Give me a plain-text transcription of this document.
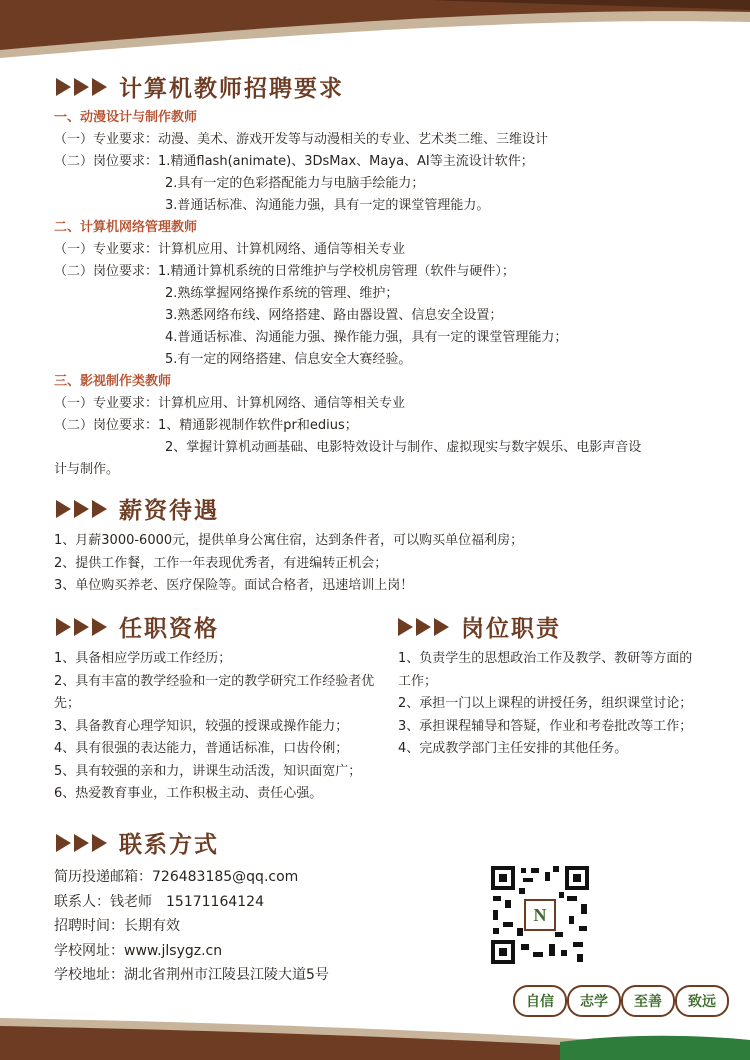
计算机教师招聘要求
一、动漫设计与制作教师
（一）专业要求：动漫、美术、游戏开发等与动漫相关的专业、艺术类二维、三维设计
（二）岗位要求：1.精通flash(animate)、3DsMax、Maya、AI等主流设计软件；
2.具有一定的色彩搭配能力与电脑手绘能力；
3.普通话标准、沟通能力强，具有一定的课堂管理能力。
二、计算机网络管理教师
（一）专业要求：计算机应用、计算机网络、通信等相关专业
（二）岗位要求：1.精通计算机系统的日常维护与学校机房管理（软件与硬件）；
2.熟练掌握网络操作系统的管理、维护；
3.熟悉网络布线、网络搭建、路由器设置、信息安全设置；
4.普通话标准、沟通能力强、操作能力强，具有一定的课堂管理能力；
5.有一定的网络搭建、信息安全大赛经验。
三、影视制作类教师
（一）专业要求：计算机应用、计算机网络、通信等相关专业
（二）岗位要求：1、精通影视制作软件pr和edius；
2、掌握计算机动画基础、电影特效设计与制作、虚拟现实与数字娱乐、电影声音设
计与制作。
薪资待遇

1、月薪3000-6000元，提供单身公寓住宿，达到条件者，可以购买单位福利房；

2、提供工作餐，工作一年表现优秀者，有进编转正机会；

3、单位购买养老、医疗保险等。面试合格者，迅速培训上岗！

任职资格

1、具备相应学历或工作经历；

2、具有丰富的教学经验和一定的教学研究工作经验者优先；

3、具备教育心理学知识，较强的授课或操作能力；

4、具有很强的表达能力，普通话标准，口齿伶俐；

5、具有较强的亲和力，讲课生动活泼，知识面宽广；

6、热爱教育事业，工作积极主动、责任心强。

岗位职责

1、负责学生的思想政治工作及教学、教研等方面的工作；

2、承担一门以上课程的讲授任务，组织课堂讨论；

3、承担课程辅导和答疑，作业和考卷批改等工作；

4、完成教学部门主任安排的其他任务。

联系方式

简历投递邮箱：726483185@qq.com

联系人：钱老师　15171164124

招聘时间：长期有效

学校网址：www.jlsygz.cn

学校地址：湖北省荆州市江陵县江陵大道5号

N
自信 志学 至善 致远
